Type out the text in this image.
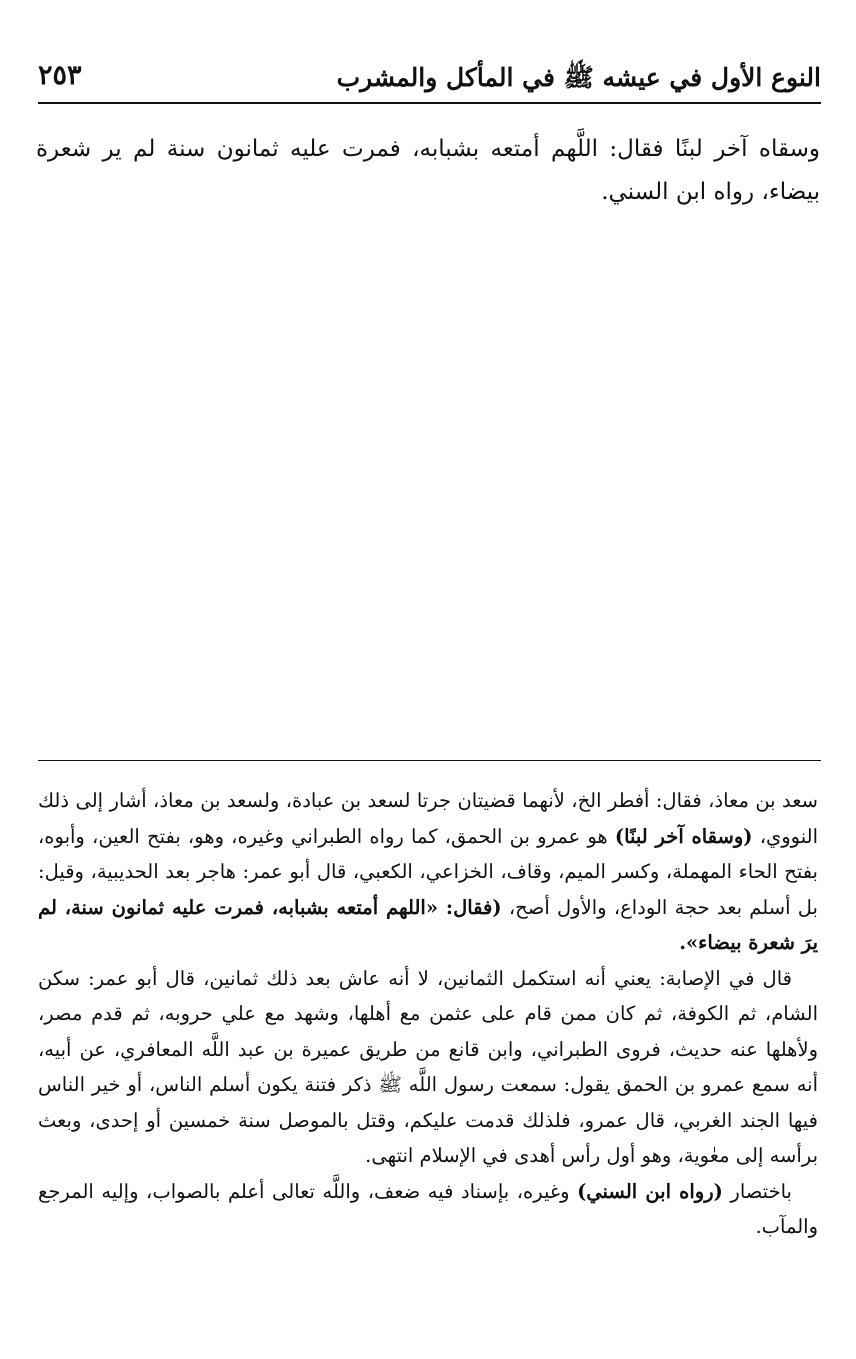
النوع الأول في عيشه ﷺ في المأكل والمشرب
٢٥٣
وسقاه آخر لبنًا فقال: اللَّهم أمتعه بشبابه، فمرت عليه ثمانون سنة لم ير شعرة بيضاء، رواه ابن السني.

سعد بن معاذ، فقال: أفطر الخ، لأنهما قضيتان جرتا لسعد بن عبادة، ولسعد بن معاذ، أشار إلى ذلك النووي، (وسقاه آخر لبنًا) هو عمرو بن الحمق، كما رواه الطبراني وغيره، وهو، بفتح العين، وأبوه، بفتح الحاء المهملة، وكسر الميم، وقاف، الخزاعي، الكعبي، قال أبو عمر: هاجر بعد الحديبية، وقيل: بل أسلم بعد حجة الوداع، والأول أصح، (فقال: «اللهم أمتعه بشبابه، فمرت عليه ثمانون سنة، لم يرَ شعرة بيضاء».

قال في الإصابة: يعني أنه استكمل الثمانين، لا أنه عاش بعد ذلك ثمانين، قال أبو عمر: سكن الشام، ثم الكوفة، ثم كان ممن قام على عثمن مع أهلها، وشهد مع علي حروبه، ثم قدم مصر، ولأهلها عنه حديث، فروى الطبراني، وابن قانع من طريق عميرة بن عبد اللَّه المعافري، عن أبيه، أنه سمع عمرو بن الحمق يقول: سمعت رسول اللَّه ﷺ ذكر فتنة يكون أسلم الناس، أو خير الناس فيها الجند الغربي، قال عمرو، فلذلك قدمت عليكم، وقتل بالموصل سنة خمسين أو إحدى، وبعث برأسه إلى معٰوية، وهو أول رأس أهدى في الإسلام انتهى.

باختصار (رواه ابن السني) وغيره، بإسناد فيه ضعف، واللَّه تعالى أعلم بالصواب، وإليه المرجع والمآب.
